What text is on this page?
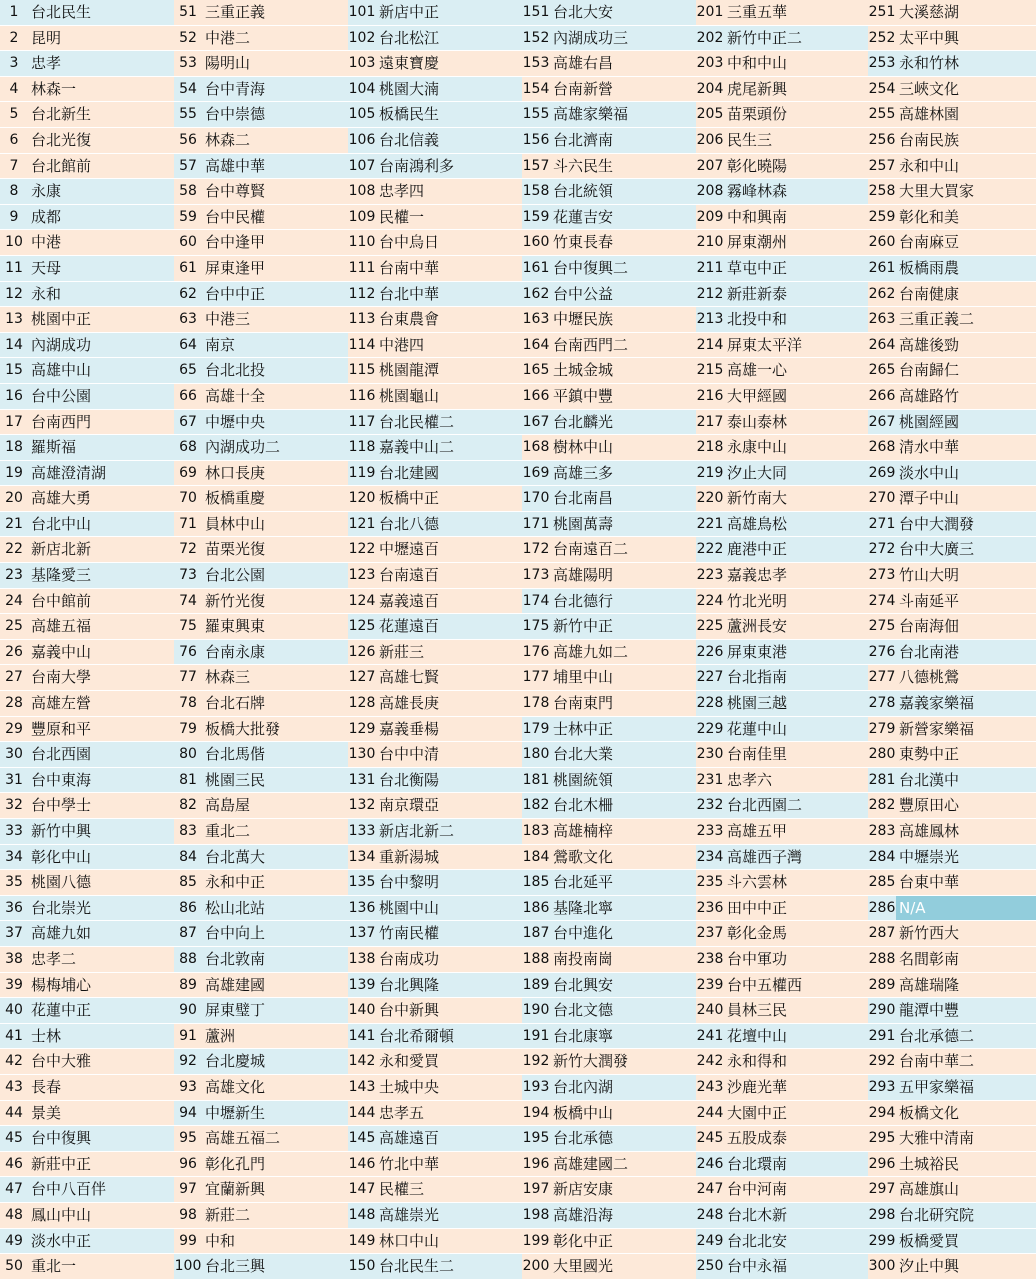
1 台北民生
2 昆明
3 忠孝
4 林森一
5 台北新生
6 台北光復
7 台北館前
8 永康
9 成都
10 中港
11 天母
12 永和
13 桃園中正
14 內湖成功
15 高雄中山
16 台中公園
17 台南西門
18 羅斯福
19 高雄澄清湖
20 高雄大勇
21 台北中山
22 新店北新
23 基隆愛三
24 台中館前
25 高雄五福
26 嘉義中山
27 台南大學
28 高雄左營
29 豐原和平
30 台北西園
31 台中東海
32 台中學士
33 新竹中興
34 彰化中山
35 桃園八德
36 台北崇光
37 高雄九如
38 忠孝二
39 楊梅埔心
40 花蓮中正
41 士林
42 台中大雅
43 長春
44 景美
45 台中復興
46 新莊中正
47 台中八百伴
48 鳳山中山
49 淡水中正
50 重北一
51 三重正義
52 中港二
53 陽明山
54 台中青海
55 台中崇德
56 林森二
57 高雄中華
58 台中尊賢
59 台中民權
60 台中逢甲
61 屏東逢甲
62 台中中正
63 中港三
64 南京
65 台北北投
66 高雄十全
67 中壢中央
68 內湖成功二
69 林口長庚
70 板橋重慶
71 員林中山
72 苗栗光復
73 台北公園
74 新竹光復
75 羅東興東
76 台南永康
77 林森三
78 台北石牌
79 板橋大批發
80 台北馬偕
81 桃園三民
82 高島屋
83 重北二
84 台北萬大
85 永和中正
86 松山北站
87 台中向上
88 台北敦南
89 高雄建國
90 屏東璧丁
91 蘆洲
92 台北慶城
93 高雄文化
94 中壢新生
95 高雄五福二
96 彰化孔門
97 宜蘭新興
98 新莊二
99 中和
100 台北三興
101 新店中正
102 台北松江
103 遠東寶慶
104 桃園大湳
105 板橋民生
106 台北信義
107 台南鴻利多
108 忠孝四
109 民權一
110 台中烏日
111 台南中華
112 台北中華
113 台東農會
114 中港四
115 桃園龍潭
116 桃園龜山
117 台北民權二
118 嘉義中山二
119 台北建國
120 板橋中正
121 台北八德
122 中壢遠百
123 台南遠百
124 嘉義遠百
125 花蓮遠百
126 新莊三
127 高雄七賢
128 高雄長庚
129 嘉義垂楊
130 台中中清
131 台北衡陽
132 南京環亞
133 新店北新二
134 重新湯城
135 台中黎明
136 桃園中山
137 竹南民權
138 台南成功
139 台北興隆
140 台中新興
141 台北希爾頓
142 永和愛買
143 土城中央
144 忠孝五
145 高雄遠百
146 竹北中華
147 民權三
148 高雄崇光
149 林口中山
150 台北民生二
151 台北大安
152 內湖成功三
153 高雄右昌
154 台南新營
155 高雄家樂福
156 台北濟南
157 斗六民生
158 台北統領
159 花蓮吉安
160 竹東長春
161 台中復興二
162 台中公益
163 中壢民族
164 台南西門二
165 土城金城
166 平鎮中豐
167 台北麟光
168 樹林中山
169 高雄三多
170 台北南昌
171 桃園萬壽
172 台南遠百二
173 高雄陽明
174 台北德行
175 新竹中正
176 高雄九如二
177 埔里中山
178 台南東門
179 士林中正
180 台北大業
181 桃園統領
182 台北木柵
183 高雄楠梓
184 鶯歌文化
185 台北延平
186 基隆北寧
187 台中進化
188 南投南崗
189 台北興安
190 台北文德
191 台北康寧
192 新竹大潤發
193 台北內湖
194 板橋中山
195 台北承德
196 高雄建國二
197 新店安康
198 高雄沿海
199 彰化中正
200 大里國光
201 三重五華
202 新竹中正二
203 中和中山
204 虎尾新興
205 苗栗頭份
206 民生三
207 彰化曉陽
208 霧峰林森
209 中和興南
210 屏東潮州
211 草屯中正
212 新莊新泰
213 北投中和
214 屏東太平洋
215 高雄一心
216 大甲經國
217 泰山泰林
218 永康中山
219 汐止大同
220 新竹南大
221 高雄鳥松
222 鹿港中正
223 嘉義忠孝
224 竹北光明
225 蘆洲長安
226 屏東東港
227 台北指南
228 桃園三越
229 花蓮中山
230 台南佳里
231 忠孝六
232 台北西園二
233 高雄五甲
234 高雄西子灣
235 斗六雲林
236 田中中正
237 彰化金馬
238 台中軍功
239 台中五權西
240 員林三民
241 花壇中山
242 永和得和
243 沙鹿光華
244 大園中正
245 五股成泰
246 台北環南
247 台中河南
248 台北木新
249 台北北安
250 台中永福
251 大溪慈湖
252 太平中興
253 永和竹林
254 三峽文化
255 高雄林園
256 台南民族
257 永和中山
258 大里大買家
259 彰化和美
260 台南麻豆
261 板橋雨農
262 台南健康
263 三重正義二
264 高雄後勁
265 台南歸仁
266 高雄路竹
267 桃園經國
268 清水中華
269 淡水中山
270 潭子中山
271 台中大潤發
272 台中大廣三
273 竹山大明
274 斗南延平
275 台南海佃
276 台北南港
277 八德桃鶯
278 嘉義家樂福
279 新營家樂福
280 東勢中正
281 台北漢中
282 豐原田心
283 高雄鳳林
284 中壢崇光
285 台東中華
286 N/A
287 新竹西大
288 名間彰南
289 高雄瑞隆
290 龍潭中豐
291 台北承德二
292 台南中華二
293 五甲家樂福
294 板橋文化
295 大雅中清南
296 土城裕民
297 高雄旗山
298 台北研究院
299 板橋愛買
300 汐止中興
